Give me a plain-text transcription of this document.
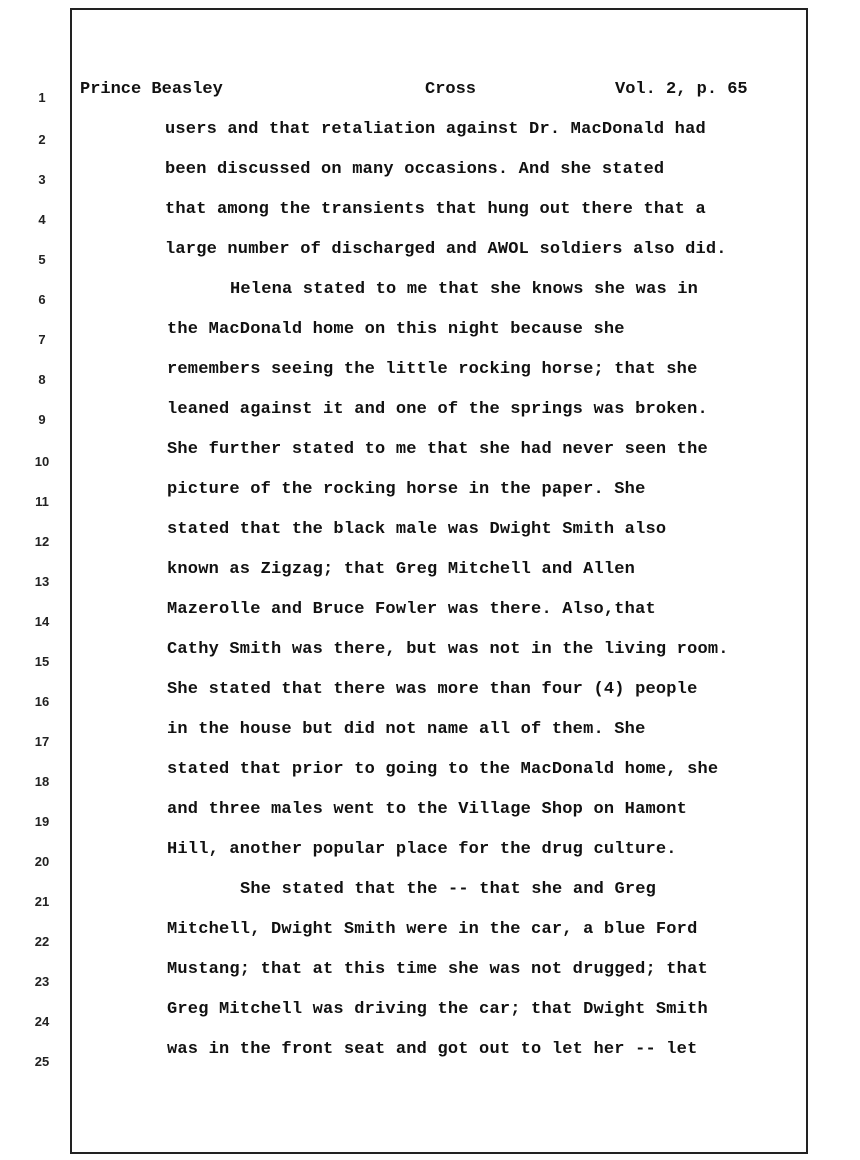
1
2
3
4
5
6
7
8
9
10
11
12
13
14
15
16
17
18
19
20
21
22
23
24
25
Prince Beasley	Cross	Vol. 2, p. 65
users and that retaliation against Dr. MacDonald had
been discussed on many occasions. And she stated
that among the transients that hung out there that a
large number of discharged and AWOL soldiers also did.
Helena stated to me that she knows she was in
the MacDonald home on this night because she
remembers seeing the little rocking horse; that she
leaned against it and one of the springs was broken.
She further stated to me that she had never seen the
picture of the rocking horse in the paper. She
stated that the black male was Dwight Smith also
known as Zigzag; that Greg Mitchell and Allen
Mazerolle and Bruce Fowler was there. Also,that
Cathy Smith was there, but was not in the living room.
She stated that there was more than four (4) people
in the house but did not name all of them. She
stated that prior to going to the MacDonald home, she
and three males went to the Village Shop on Hamont
Hill, another popular place for the drug culture.
She stated that the -- that she and Greg
Mitchell, Dwight Smith were in the car, a blue Ford
Mustang; that at this time she was not drugged; that
Greg Mitchell was driving the car; that Dwight Smith
was in the front seat and got out to let her -- let
